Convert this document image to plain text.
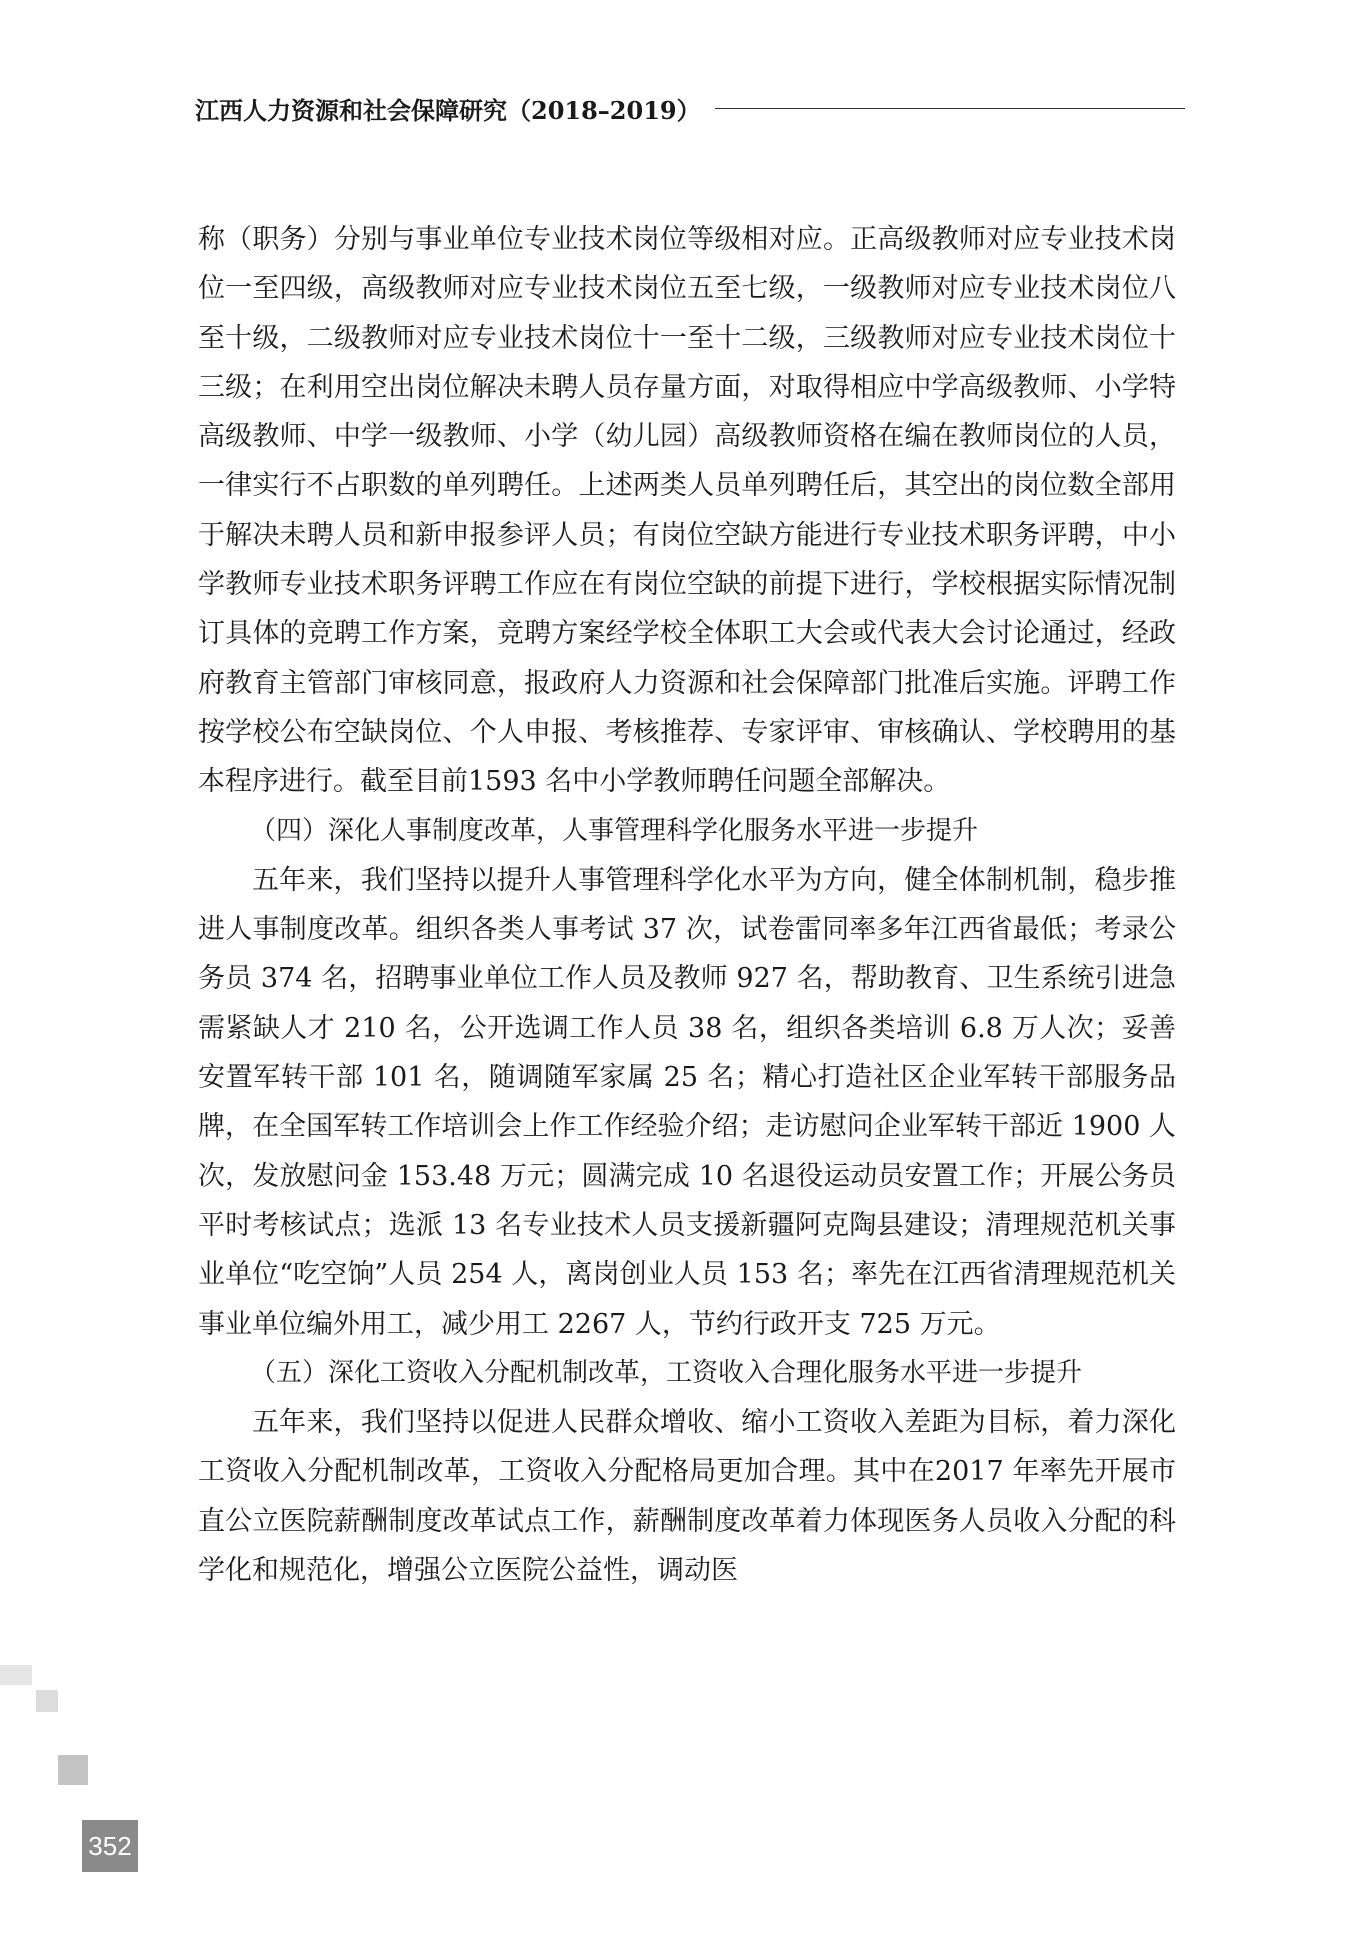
江西人力资源和社会保障研究（2018–2019）

称（职务）分别与事业单位专业技术岗位等级相对应。正高级教师对应专业技术岗位一至四级，高级教师对应专业技术岗位五至七级，一级教师对应专业技术岗位八至十级，二级教师对应专业技术岗位十一至十二级，三级教师对应专业技术岗位十三级；在利用空出岗位解决未聘人员存量方面，对取得相应中学高级教师、小学特高级教师、中学一级教师、小学（幼儿园）高级教师资格在编在教师岗位的人员，一律实行不占职数的单列聘任。上述两类人员单列聘任后，其空出的岗位数全部用于解决未聘人员和新申报参评人员；有岗位空缺方能进行专业技术职务评聘，中小学教师专业技术职务评聘工作应在有岗位空缺的前提下进行，学校根据实际情况制订具体的竞聘工作方案，竞聘方案经学校全体职工大会或代表大会讨论通过，经政府教育主管部门审核同意，报政府人力资源和社会保障部门批准后实施。评聘工作按学校公布空缺岗位、个人申报、考核推荐、专家评审、审核确认、学校聘用的基本程序进行。截至目前1593 名中小学教师聘任问题全部解决。

（四）深化人事制度改革，人事管理科学化服务水平进一步提升

五年来，我们坚持以提升人事管理科学化水平为方向，健全体制机制，稳步推进人事制度改革。组织各类人事考试 37 次，试卷雷同率多年江西省最低；考录公务员 374 名，招聘事业单位工作人员及教师 927 名，帮助教育、卫生系统引进急需紧缺人才 210 名，公开选调工作人员 38 名，组织各类培训 6.8 万人次；妥善安置军转干部 101 名，随调随军家属 25 名；精心打造社区企业军转干部服务品牌，在全国军转工作培训会上作工作经验介绍；走访慰问企业军转干部近 1900 人次，发放慰问金 153.48 万元；圆满完成 10 名退役运动员安置工作；开展公务员平时考核试点；选派 13 名专业技术人员支援新疆阿克陶县建设；清理规范机关事业单位“吃空饷”人员 254 人，离岗创业人员 153 名；率先在江西省清理规范机关事业单位编外用工，减少用工 2267 人，节约行政开支 725 万元。

（五）深化工资收入分配机制改革，工资收入合理化服务水平进一步提升

五年来，我们坚持以促进人民群众增收、缩小工资收入差距为目标，着力深化工资收入分配机制改革，工资收入分配格局更加合理。其中在2017 年率先开展市直公立医院薪酬制度改革试点工作，薪酬制度改革着力体现医务人员收入分配的科学化和规范化，增强公立医院公益性，调动医

352
